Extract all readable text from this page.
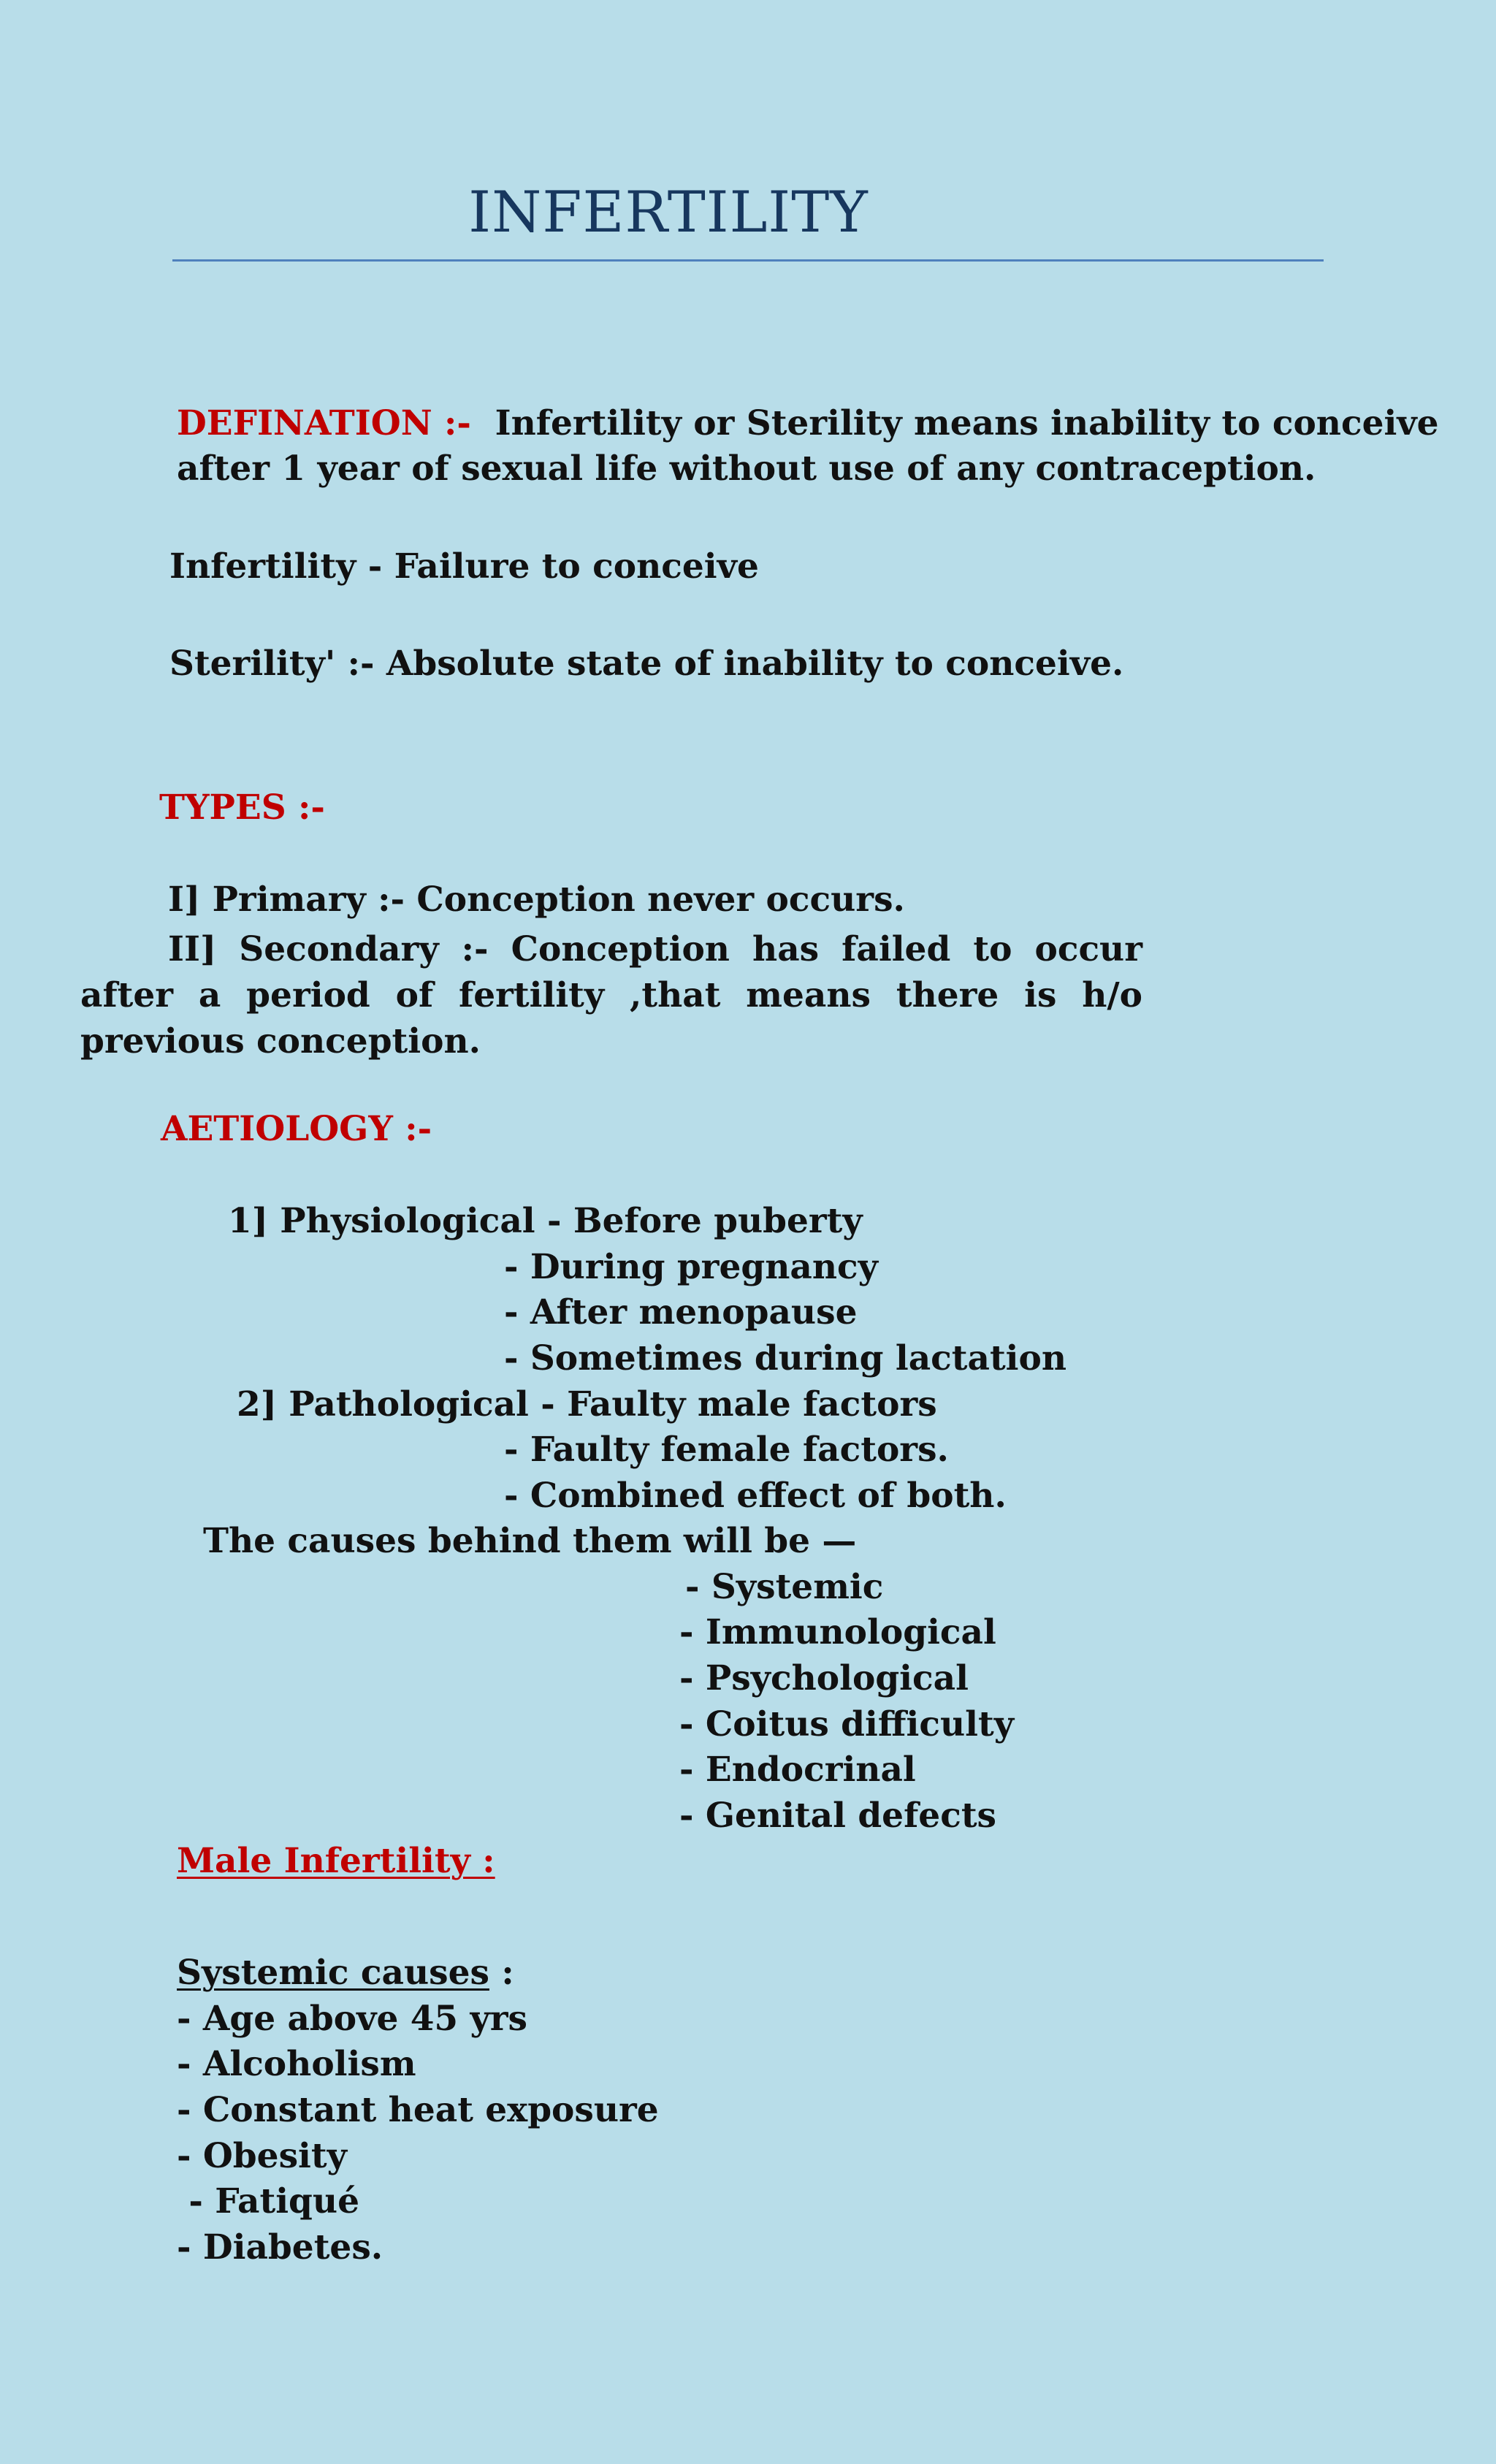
INFERTILITY
DEFINATION :- Infertility or Sterility means inability to conceive
after 1 year of sexual life without use of any contraception.
Infertility - Failure to conceive
Sterility' :- Absolute state of inability to conceive.
TYPES :-
I] Primary :- Conception never occurs.
II] Secondary :- Conception has failed to occur after a period of fertility ,that means there is h/o previous conception.
AETIOLOGY :-
1] Physiological - Before puberty
- During pregnancy
- After menopause
- Sometimes during lactation
2] Pathological - Faulty male factors
- Faulty female factors.
- Combined effect of both.
The causes behind them will be —
- Systemic
- Immunological
- Psychological
- Coitus difficulty
- Endocrinal
- Genital defects
Male Infertility :
Systemic causes :
- Age above 45 yrs
- Alcoholism
- Constant heat exposure
- Obesity
- Fatiqué
- Diabetes.
